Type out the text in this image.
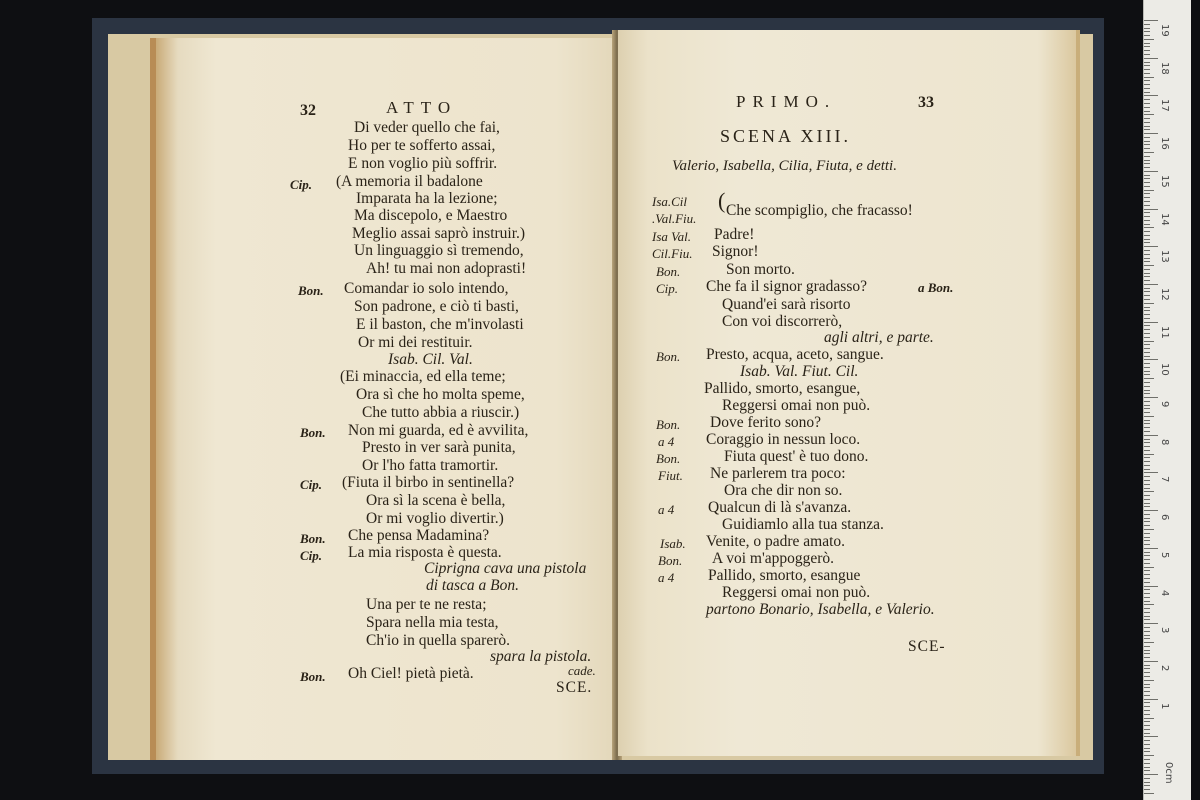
32	ATTO
Di veder quello che fai,
Ho per te sofferto assai,
E non voglio più soffrir.
Cip. (A memoria il badalone
Imparata ha la lezione;
Ma discepolo, e Maestro
Meglio assai saprò instruir.)
Un linguaggio sì tremendo,
Ah! tu mai non adoprasti!
Bon. Comandar io solo intendo,
Son padrone, e ciò ti basti,
E il baston, che m'involasti
Or mi dei restituir.
Isab. Cil. Val.
(Ei minaccia, ed ella teme;
Ora sì che ho molta speme,
Che tutto abbia a riuscir.)
Bon. Non mi guarda, ed è avvilita,
Presto in ver sarà punita,
Or l'ho fatta tramortir.
Cip. (Fiuta il birbo in sentinella?
Ora sì la scena è bella,
Or mi voglio divertir.)
Bon. Che pensa Madamina?
Cip. La mia risposta è questa.
Ciprigna cava una pistola
di tasca a Bon.
Una per te ne resta;
Spara nella mia testa,
Ch'io in quella sparerò.
spara la pistola.
cade.
Bon. Oh Ciel! pietà pietà.
SCE.
PRIMO.	33
SCENA XIII.
Valerio, Isabella, Cilia, Fiuta, e detti.
Isa.Cil
.Val.Fiu.
( Che scompiglio, che fracasso!
Isa Val. Padre!
Cil.Fiu. Signor!
Bon.	Son morto.
Cip. Che fa il signor gradasso?	a Bon.
Quand'ei sarà risorto
Con voi discorrerò,
agli altri, e parte.
Bon. Presto, acqua, aceto, sangue.
Isab. Val. Fiut. Cil.
Pallido, smorto, esangue,
Reggersi omai non può.
Bon. Dove ferito sono?
a 4 Coraggio in nessun loco.
Bon.	Fiuta quest' è tuo dono.
Fiut. Ne parlerem tra poco:
Ora che dir non so.
a 4 Qualcun di là s'avanza.
Guidiamlo alla tua stanza.
Isab. Venite, o padre amato.
Bon. A voi m'appoggerò.
a 4 Pallido, smorto, esangue
Reggersi omai non può.
partono Bonario, Isabella, e Valerio.
SCE-
0cm
19
18
17
16
15
14
13
12
11
10
9
8
7
6
5
4
3
2
1
